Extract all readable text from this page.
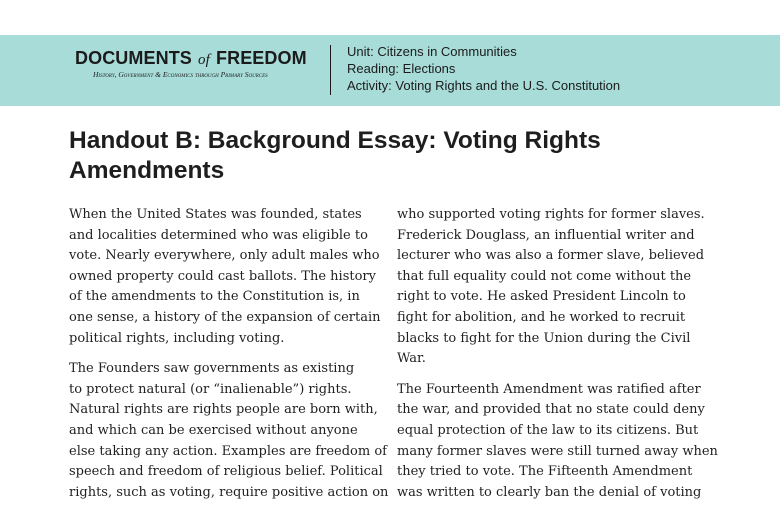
DOCUMENTS of FREEDOM
History, Government & Economics through Primary Sources
Unit: Citizens in Communities
Reading: Elections
Activity: Voting Rights and the U.S. Constitution
Handout B: Background Essay: Voting Rights
Amendments

When the United States was founded, states
and localities determined who was eligible to
vote. Nearly everywhere, only adult males who
owned property could cast ballots. The history
of the amendments to the Constitution is, in
one sense, a history of the expansion of certain
political rights, including voting.

The Founders saw governments as existing
to protect natural (or “inalienable”) rights.
Natural rights are rights people are born with,
and which can be exercised without anyone
else taking any action. Examples are freedom of
speech and freedom of religious belief. Political
rights, such as voting, require positive action on

who supported voting rights for former slaves.
Frederick Douglass, an influential writer and
lecturer who was also a former slave, believed
that full equality could not come without the
right to vote. He asked President Lincoln to
fight for abolition, and he worked to recruit
blacks to fight for the Union during the Civil
War.

The Fourteenth Amendment was ratified after
the war, and provided that no state could deny
equal protection of the law to its citizens. But
many former slaves were still turned away when
they tried to vote. The Fifteenth Amendment
was written to clearly ban the denial of voting
